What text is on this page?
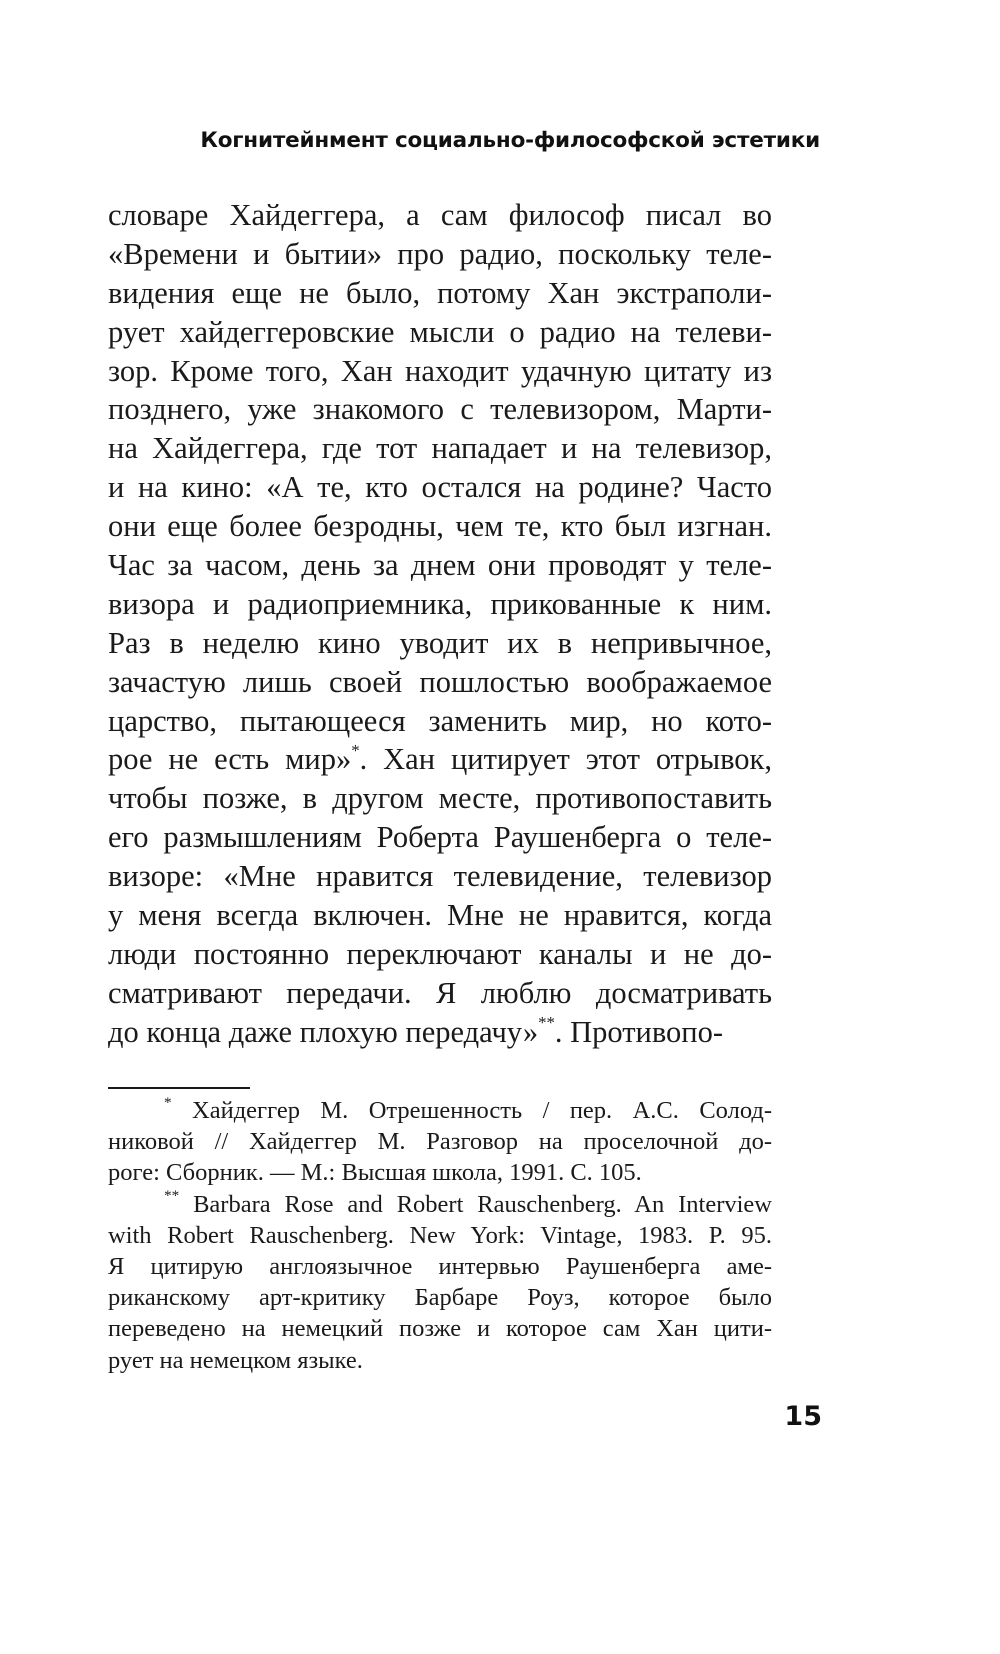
Когнитейнмент социально-философской эстетики
словаре Хайдеггера, а сам философ писал во
«Времени и бытии» про радио, поскольку теле-
видения еще не было, потому Хан экстраполи-
рует хайдеггеровские мысли о радио на телеви-
зор. Кроме того, Хан находит удачную цитату из
позднего, уже знакомого с телевизором, Марти-
на Хайдеггера, где тот нападает и на телевизор,
и на кино: «А те, кто остался на родине? Часто
они еще более безродны, чем те, кто был изгнан.
Час за часом, день за днем они проводят у теле-
визора и радиоприемника, прикованные к ним.
Раз в неделю кино уводит их в непривычное,
зачастую лишь своей пошлостью воображаемое
царство, пытающееся заменить мир, но кото-
рое не есть мир»*. Хан цитирует этот отрывок,
чтобы позже, в другом месте, противопоставить
его размышлениям Роберта Раушенберга о теле-
визоре: «Мне нравится телевидение, телевизор
у меня всегда включен. Мне не нравится, когда
люди постоянно переключают каналы и не до-
сматривают передачи. Я люблю досматривать
до конца даже плохую передачу»**. Противопо-
* Хайдеггер М. Отрешенность / пер. А.С. Солод-
никовой // Хайдеггер М. Разговор на проселочной до-
роге: Сборник. — М.: Высшая школа, 1991. С. 105.
** Barbara Rose and Robert Rauschenberg. An Interview
with Robert Rauschenberg. New York: Vintage, 1983. P. 95.
Я цитирую англоязычное интервью Раушенберга аме-
риканскому арт-критику Барбаре Роуз, которое было
переведено на немецкий позже и которое сам Хан цити-
рует на немецком языке.
15
